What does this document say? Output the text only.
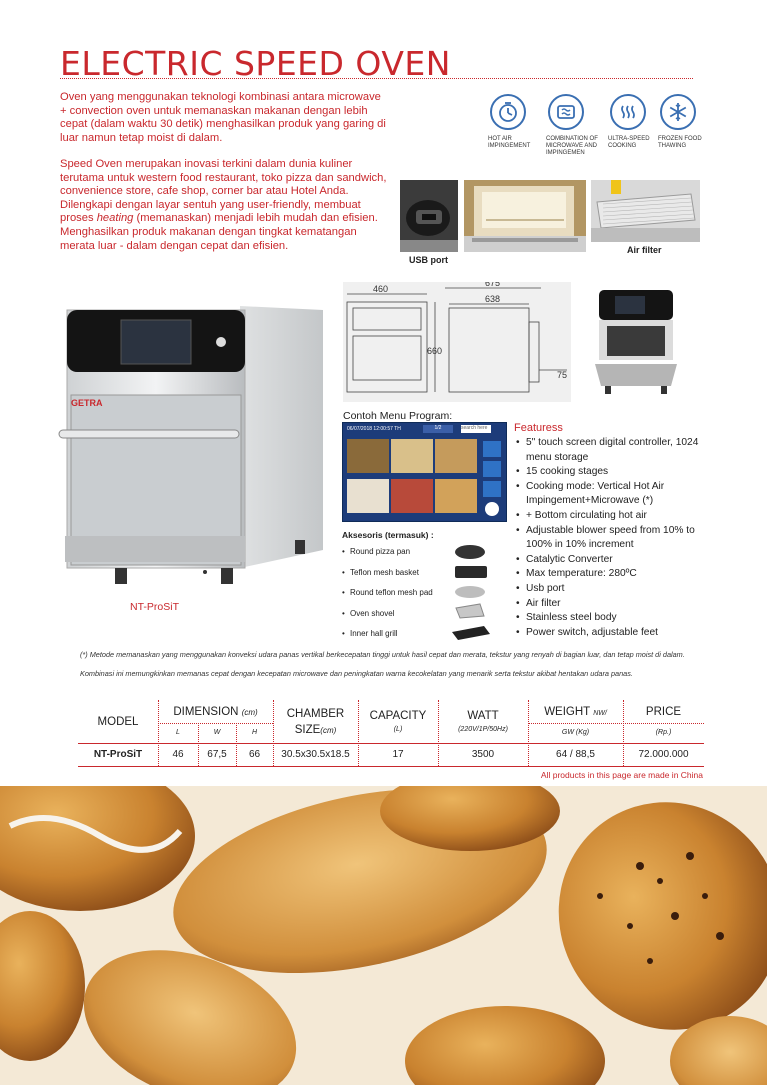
ELECTRIC SPEED OVEN

Oven yang menggunakan teknologi kombinasi antara microwave + convection oven untuk memanaskan makanan dengan lebih cepat (dalam waktu 30 detik) menghasilkan produk yang garing di luar namun tetap moist di dalam.

Speed Oven merupakan inovasi terkini dalam dunia kuliner terutama untuk western food restaurant, toko pizza dan sandwich, convenience store, cafe shop, corner bar atau Hotel Anda. Dilengkapi dengan layar sentuh yang user-friendly, membuat proses heating (memanaskan) menjadi lebih mudah dan efisien. Menghasilkan produk makanan dengan tingkat kematangan merata luar - dalam dengan cepat dan efisien.

HOT AIR IMPINGEMENT
COMBINATION OF MICROWAVE AND IMPINGEMEN
ULTRA-SPEED COOKING
FROZEN FOOD THAWING
USB port
Air filter
GETRA
NT-ProSiT
460
675
638
660
75
Contoh Menu Program:
06/07/2018 12:00:57 TH	1/2	search here	Featuress
• 5" touch screen digital controller, 1024 menu storage
• 15 cooking stages
• Cooking mode: Vertical Hot Air Impingement+Microwave (*)
• + Bottom circulating hot air
• Adjustable blower speed from 10% to 100% in 10% increment
• Catalytic Converter
• Max temperature: 280ºC
• Usb port
• Air filter
• Stainless steel body
• Power switch, adjustable feet
Aksesoris (termasuk) :
• Round pizza pan
• Teflon mesh basket
• Round teflon mesh pad
• Oven shovel
• Inner hall grill

(*) Metode memanaskan yang menggunakan konveksi udara panas vertikal berkecepatan tinggi untuk hasil cepat dan merata, tekstur yang renyah di bagian luar, dan tetap moist di dalam. Kombinasi ini memungkinkan memanas cepat dengan kecepatan microwave dan peningkatan warna kecokelatan yang menarik serta tekstur akibat hentakan udara panas.

MODEL
DIMENSION (cm)
L	W	H
CHAMBER
SIZE(cm)
CAPACITY
(L)
WATT
(220V/1P/50Hz)
WEIGHT NW/
GW (Kg)
PRICE
(Rp.)
NT-ProSiT	46	67,5	66	30.5x30.5x18.5	17	3500	64 / 88,5	72.000.000
All products in this page are made in China
